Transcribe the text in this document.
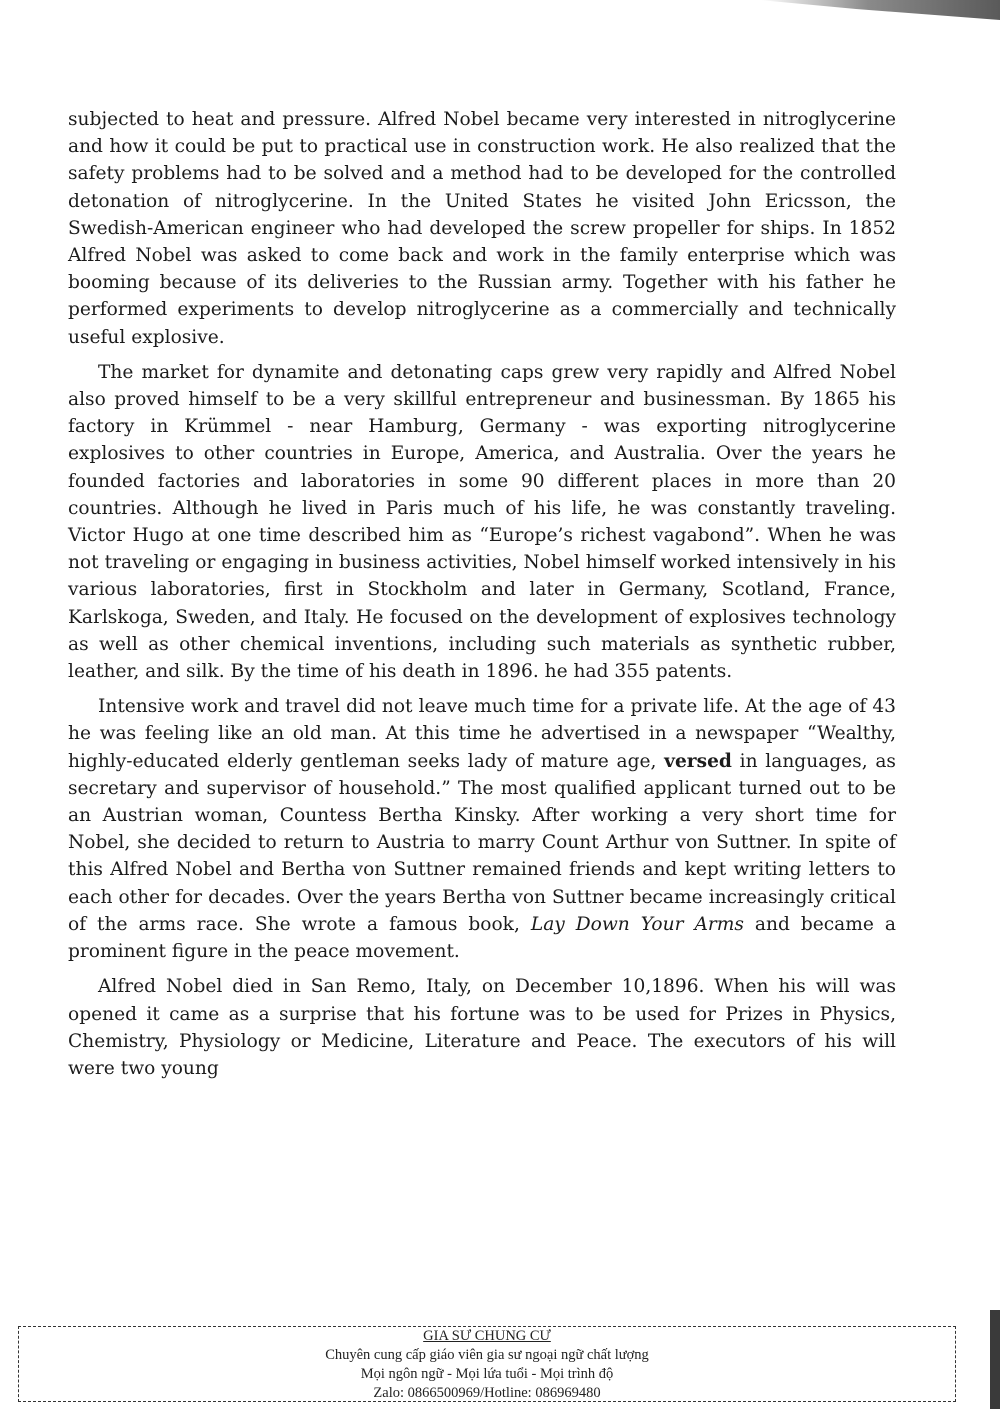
subjected to heat and pressure. Alfred Nobel became very interested in nitroglycerine and how it could be put to practical use in construction work. He also realized that the safety problems had to be solved and a method had to be developed for the controlled detonation of nitroglycerine. In the United States he visited John Ericsson, the Swedish-American engineer who had developed the screw propeller for ships. In 1852 Alfred Nobel was asked to come back and work in the family enterprise which was booming because of its deliveries to the Russian army. Together with his father he performed experiments to develop nitroglycerine as a commercially and technically useful explosive.

The market for dynamite and detonating caps grew very rapidly and Alfred Nobel also proved himself to be a very skillful entrepreneur and businessman. By 1865 his factory in Krümmel - near Hamburg, Germany - was exporting nitroglycerine explosives to other countries in Europe, America, and Australia. Over the years he founded factories and laboratories in some 90 different places in more than 20 countries. Although he lived in Paris much of his life, he was constantly traveling. Victor Hugo at one time described him as “Europe’s richest vagabond”. When he was not traveling or engaging in business activities, Nobel himself worked intensively in his various laboratories, first in Stockholm and later in Germany, Scotland, France, Karlskoga, Sweden, and Italy. He focused on the development of explosives technology as well as other chemical inventions, including such materials as synthetic rubber, leather, and silk. By the time of his death in 1896. he had 355 patents.

Intensive work and travel did not leave much time for a private life. At the age of 43 he was feeling like an old man. At this time he advertised in a newspaper “Wealthy, highly-educated elderly gentleman seeks lady of mature age, versed in languages, as secretary and supervisor of household.” The most qualified applicant turned out to be an Austrian woman, Countess Bertha Kinsky. After working a very short time for Nobel, she decided to return to Austria to marry Count Arthur von Suttner. In spite of this Alfred Nobel and Bertha von Suttner remained friends and kept writing letters to each other for decades. Over the years Bertha von Suttner became increasingly critical of the arms race. She wrote a famous book, Lay Down Your Arms and became a prominent figure in the peace movement.

Alfred Nobel died in San Remo, Italy, on December 10,1896. When his will was opened it came as a surprise that his fortune was to be used for Prizes in Physics, Chemistry, Physiology or Medicine, Literature and Peace. The executors of his will were two young

GIA SƯ CHUNG CƯ
Chuyên cung cấp giáo viên gia sư ngoại ngữ chất lượng
Mọi ngôn ngữ - Mọi lứa tuổi - Mọi trình độ
Zalo: 0866500969/Hotline: 086969480
